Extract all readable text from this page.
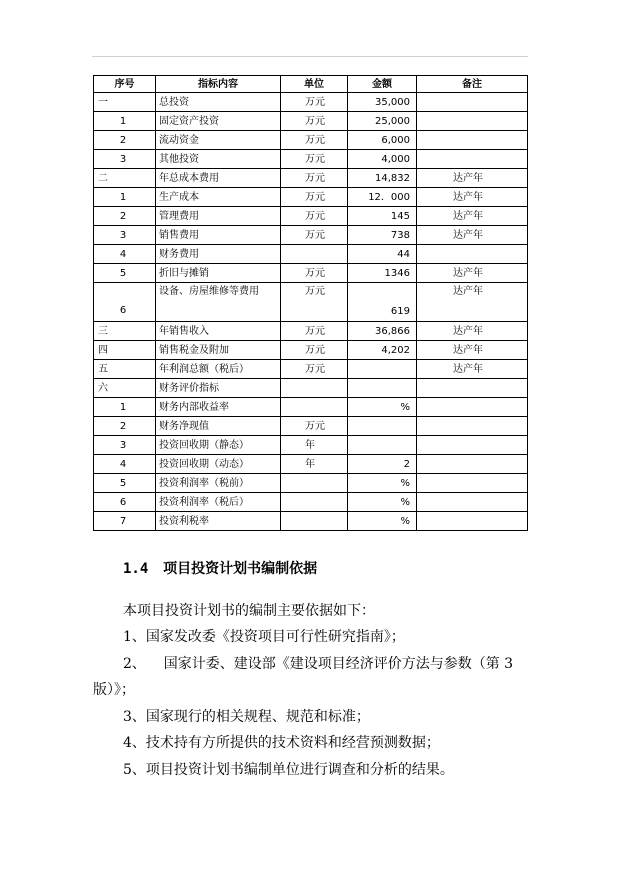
序号	指标内容	单位	金额	备注
一	总投资	万元	35,000	
1	固定资产投资	万元	25,000	
2	流动资金	万元	6,000	
3	其他投资	万元	4,000	
二	年总成本费用	万元	14,832	达产年
1	生产成本	万元	12．000	达产年
2	管理费用	万元	145	达产年
3	销售费用	万元	738	达产年
4	财务费用		44	
5	折旧与摊销	万元	1346	达产年
6	设备、房屋维修等费用	万元	619	达产年
三	年销售收入	万元	36,866	达产年
四	销售税金及附加	万元	4,202	达产年
五	年利润总额（税后）	万元		达产年
六	财务评价指标			
1	财务内部收益率		%	
2	财务净现值	万元		
3	投资回收期（静态）	年		
4	投资回收期（动态）	年	2	
5	投资利润率（税前）		%	
6	投资利润率（税后）		%	
7	投资利税率		%	
1.4 项目投资计划书编制依据
本项目投资计划书的编制主要依据如下：
1、国家发改委《投资项目可行性研究指南》；
2、    国家计委、建设部《建设项目经济评价方法与参数（第 3
版）》；
3、国家现行的相关规程、规范和标准；
4、技术持有方所提供的技术资料和经营预测数据；
5、项目投资计划书编制单位进行调查和分析的结果。
